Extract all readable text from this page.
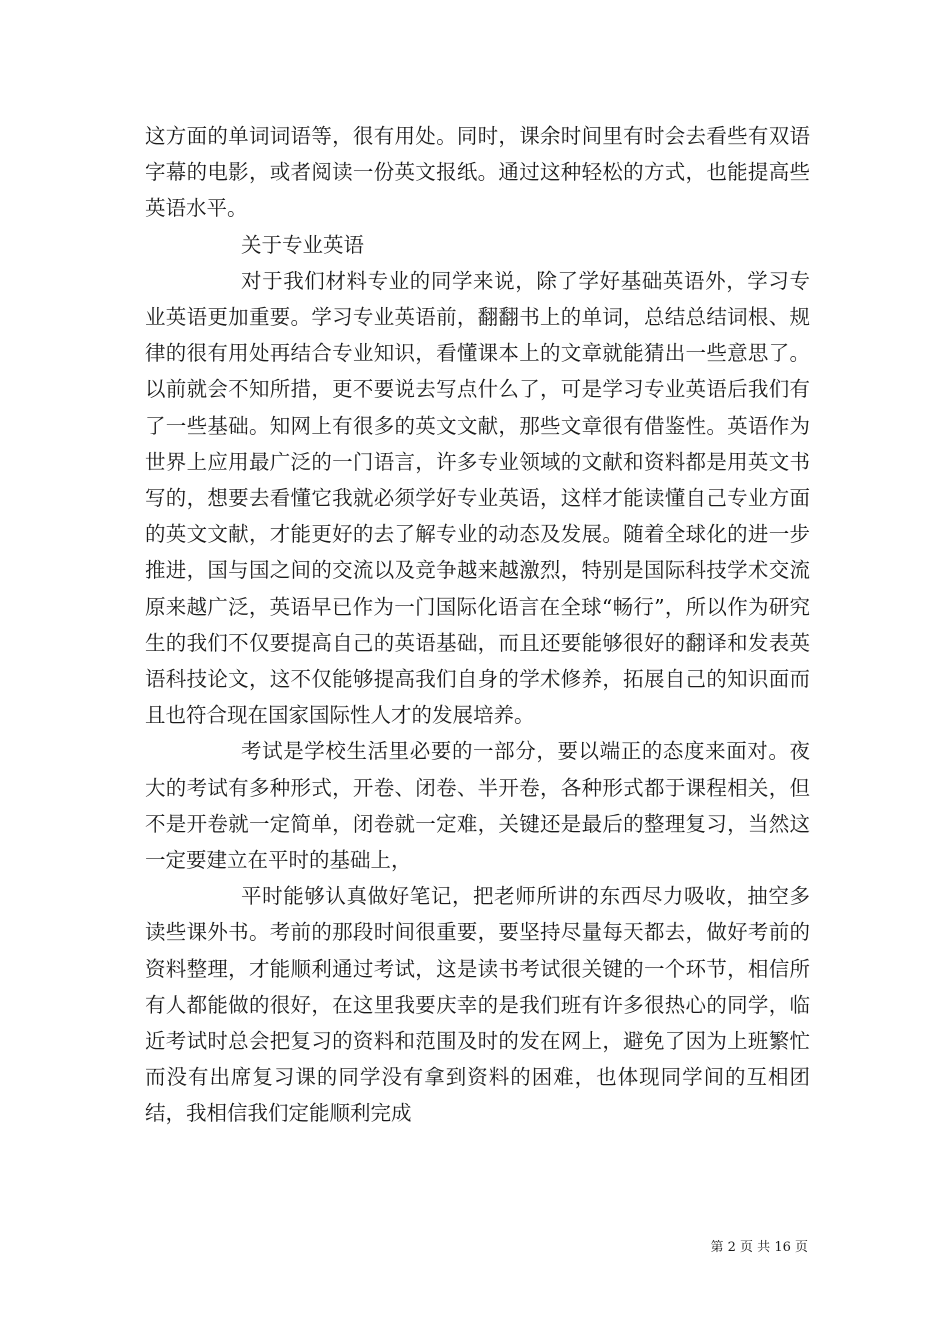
这方面的单词词语等，很有用处。同时，课余时间里有时会去看些有双语字幕的电影，或者阅读一份英文报纸。通过这种轻松的方式，也能提高些英语水平。

关于专业英语

对于我们材料专业的同学来说，除了学好基础英语外，学习专业英语更加重要。学习专业英语前，翻翻书上的单词，总结总结词根、规律的很有用处再结合专业知识，看懂课本上的文章就能猜出一些意思了。以前就会不知所措，更不要说去写点什么了，可是学习专业英语后我们有了一些基础。知网上有很多的英文文献，那些文章很有借鉴性。英语作为世界上应用最广泛的一门语言，许多专业领域的文献和资料都是用英文书写的，想要去看懂它我就必须学好专业英语，这样才能读懂自己专业方面的英文文献，才能更好的去了解专业的动态及发展。随着全球化的进一步推进，国与国之间的交流以及竞争越来越激烈，特别是国际科技学术交流原来越广泛，英语早已作为一门国际化语言在全球“畅行”，所以作为研究生的我们不仅要提高自己的英语基础，而且还要能够很好的翻译和发表英语科技论文，这不仅能够提高我们自身的学术修养，拓展自己的知识面而且也符合现在国家国际性人才的发展培养。

考试是学校生活里必要的一部分，要以端正的态度来面对。夜大的考试有多种形式，开卷、闭卷、半开卷，各种形式都于课程相关，但不是开卷就一定简单，闭卷就一定难，关键还是最后的整理复习，当然这一定要建立在平时的基础上，

平时能够认真做好笔记，把老师所讲的东西尽力吸收，抽空多读些课外书。考前的那段时间很重要，要坚持尽量每天都去，做好考前的资料整理，才能顺利通过考试，这是读书考试很关键的一个环节，相信所有人都能做的很好，在这里我要庆幸的是我们班有许多很热心的同学，临近考试时总会把复习的资料和范围及时的发在网上，避免了因为上班繁忙而没有出席复习课的同学没有拿到资料的困难，也体现同学间的互相团结，我相信我们定能顺利完成

第 2 页 共 16 页
